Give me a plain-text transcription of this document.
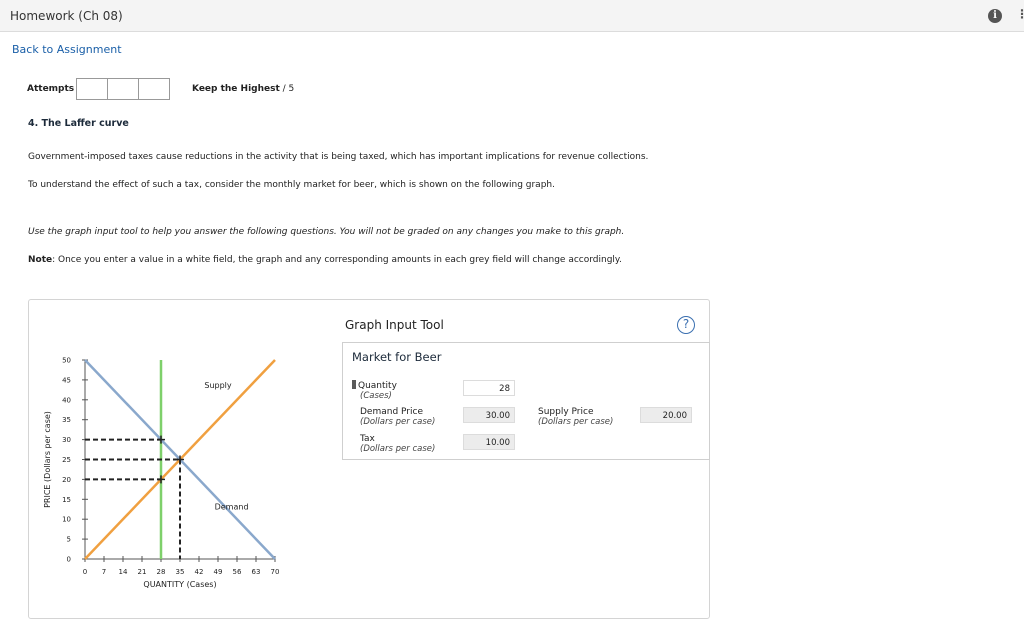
Homework (Ch 08)	i	⋮
Back to Assignment
Attempts	Keep the Highest / 5
4. The Laffer curve
Government-imposed taxes cause reductions in the activity that is being taxed, which has important implications for revenue collections.
To understand the effect of such a tax, consider the monthly market for beer, which is shown on the following graph.
Use the graph input tool to help you answer the following questions. You will not be graded on any changes you make to this graph.
Note: Once you enter a value in a white field, the graph and any corresponding amounts in each grey field will change accordingly.
0
5
10
15
20
25
30
35
40
45
50
0 7 14 21 28 35 42 49 56 63 70
QUANTITY (Cases)
PRICE (Dollars per case)
Supply
Demand
Graph Input Tool	?
Market for Beer
Quantity
(Cases)
28
Demand Price
(Dollars per case)
30.00	Supply Price
(Dollars per case)
20.00
Tax
(Dollars per case)
10.00
